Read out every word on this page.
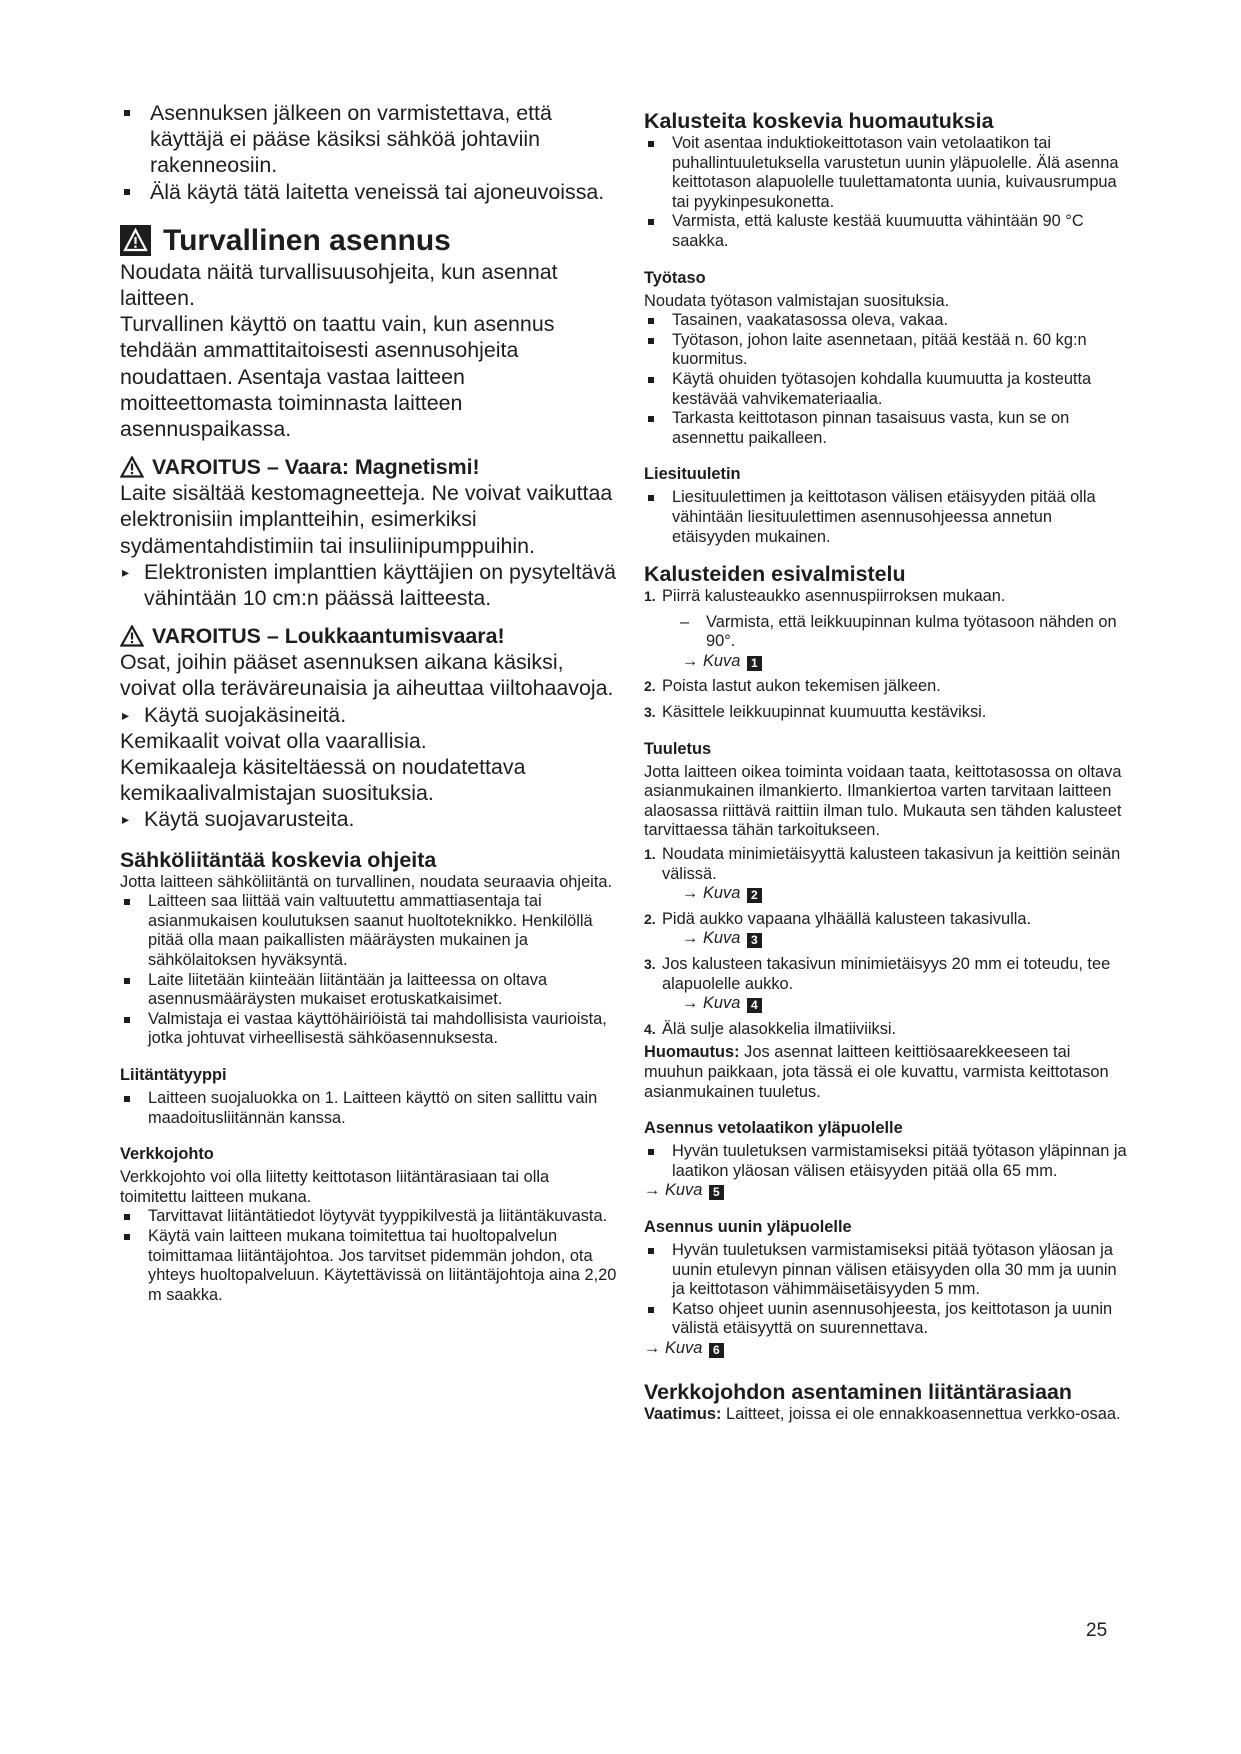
Asennuksen jälkeen on varmistettava, että käyttäjä ei pääse käsiksi sähköä johtaviin rakenneosiin.
Älä käytä tätä laitetta veneissä tai ajoneuvoissa.
Turvallinen asennus

Noudata näitä turvallisuusohjeita, kun asennat laitteen.

Turvallinen käyttö on taattu vain, kun asennus tehdään ammattitaitoisesti asennusohjeita noudattaen. Asentaja vastaa laitteen moitteettomasta toiminnasta laitteen asennuspaikassa.

VAROITUS – Vaara: Magnetismi!

Laite sisältää kestomagneetteja. Ne voivat vaikuttaa elektronisiin implantteihin, esimerkiksi sydämentahdistimiin tai insuliinipumppuihin.

▸ Elektronisten implanttien käyttäjien on pysyteltävä vähintään 10 cm:n päässä laitteesta.
VAROITUS – Loukkaantumisvaara!

Osat, joihin pääset asennuksen aikana käsiksi, voivat olla teräväreunaisia ja aiheuttaa viiltohaavoja.

▸ Käytä suojakäsineitä.

Kemikaalit voivat olla vaarallisia.

Kemikaaleja käsiteltäessä on noudatettava kemikaalivalmistajan suosituksia.

▸ Käytä suojavarusteita.
Sähköliitäntää koskevia ohjeita

Jotta laitteen sähköliitäntä on turvallinen, noudata seuraavia ohjeita.

Laitteen saa liittää vain valtuutettu ammattiasentaja tai asianmukaisen koulutuksen saanut huoltoteknikko. Henkilöllä pitää olla maan paikallisten määräysten mukainen ja sähkölaitoksen hyväksyntä.
Laite liitetään kiinteään liitäntään ja laitteessa on oltava asennusmääräysten mukaiset erotuskatkaisimet.
Valmistaja ei vastaa käyttöhäiriöistä tai mahdollisista vaurioista, jotka johtuvat virheellisestä sähköasennuksesta.
Liitäntätyyppi
Laitteen suojaluokka on 1. Laitteen käyttö on siten sallittu vain maadoitusliitännän kanssa.
Verkkojohto

Verkkojohto voi olla liitetty keittotason liitäntärasiaan tai olla toimitettu laitteen mukana.

Tarvittavat liitäntätiedot löytyvät tyyppikilvestä ja liitäntäkuvasta.
Käytä vain laitteen mukana toimitettua tai huoltopalvelun toimittamaa liitäntäjohtoa. Jos tarvitset pidemmän johdon, ota yhteys huoltopalveluun. Käytettävissä on liitäntäjohtoja aina 2,20 m saakka.
Kalusteita koskevia huomautuksia
Voit asentaa induktiokeittotason vain vetolaatikon tai puhallintuuletuksella varustetun uunin yläpuolelle. Älä asenna keittotason alapuolelle tuulettamatonta uunia, kuivausrumpua tai pyykinpesukonetta.
Varmista, että kaluste kestää kuumuutta vähintään 90 °C saakka.
Työtaso

Noudata työtason valmistajan suosituksia.

Tasainen, vaakatasossa oleva, vakaa.
Työtason, johon laite asennetaan, pitää kestää n. 60 kg:n kuormitus.
Käytä ohuiden työtasojen kohdalla kuumuutta ja kosteutta kestävää vahvikemateriaalia.
Tarkasta keittotason pinnan tasaisuus vasta, kun se on asennettu paikalleen.
Liesituuletin
Liesituulettimen ja keittotason välisen etäisyyden pitää olla vähintään liesituulettimen asennusohjeessa annetun etäisyyden mukainen.
Kalusteiden esivalmistelu
1. Piirrä kalusteaukko asennuspiirroksen mukaan.
– Varmista, että leikkuupinnan kulma työtasoon nähden on 90°.
→ Kuva 1
2. Poista lastut aukon tekemisen jälkeen.
3. Käsittele leikkuupinnat kuumuutta kestäviksi.
Tuuletus

Jotta laitteen oikea toiminta voidaan taata, keittotasossa on oltava asianmukainen ilmankierto. Ilmankiertoa varten tarvitaan laitteen alaosassa riittävä raittiin ilman tulo. Mukauta sen tähden kalusteet tarvittaessa tähän tarkoitukseen.

1. Noudata minimietäisyyttä kalusteen takasivun ja keittiön seinän välissä.
→ Kuva 2
2. Pidä aukko vapaana ylhäällä kalusteen takasivulla.
→ Kuva 3
3. Jos kalusteen takasivun minimietäisyys 20 mm ei toteudu, tee alapuolelle aukko.
→ Kuva 4
4. Älä sulje alasokkelia ilmatiiviiksi.

Huomautus: Jos asennat laitteen keittiösaarekkeeseen tai muuhun paikkaan, jota tässä ei ole kuvattu, varmista keittotason asianmukainen tuuletus.

Asennus vetolaatikon yläpuolelle
Hyvän tuuletuksen varmistamiseksi pitää työtason yläpinnan ja laatikon yläosan välisen etäisyyden pitää olla 65 mm.
→ Kuva 5
Asennus uunin yläpuolelle
Hyvän tuuletuksen varmistamiseksi pitää työtason yläosan ja uunin etulevyn pinnan välisen etäisyyden olla 30 mm ja uunin ja keittotason vähimmäisetäisyyden 5 mm.
Katso ohjeet uunin asennusohjeesta, jos keittotason ja uunin välistä etäisyyttä on suurennettava.
→ Kuva 6
Verkkojohdon asentaminen liitäntärasiaan

Vaatimus: Laitteet, joissa ei ole ennakkoasennettua verkko-osaa.

25
